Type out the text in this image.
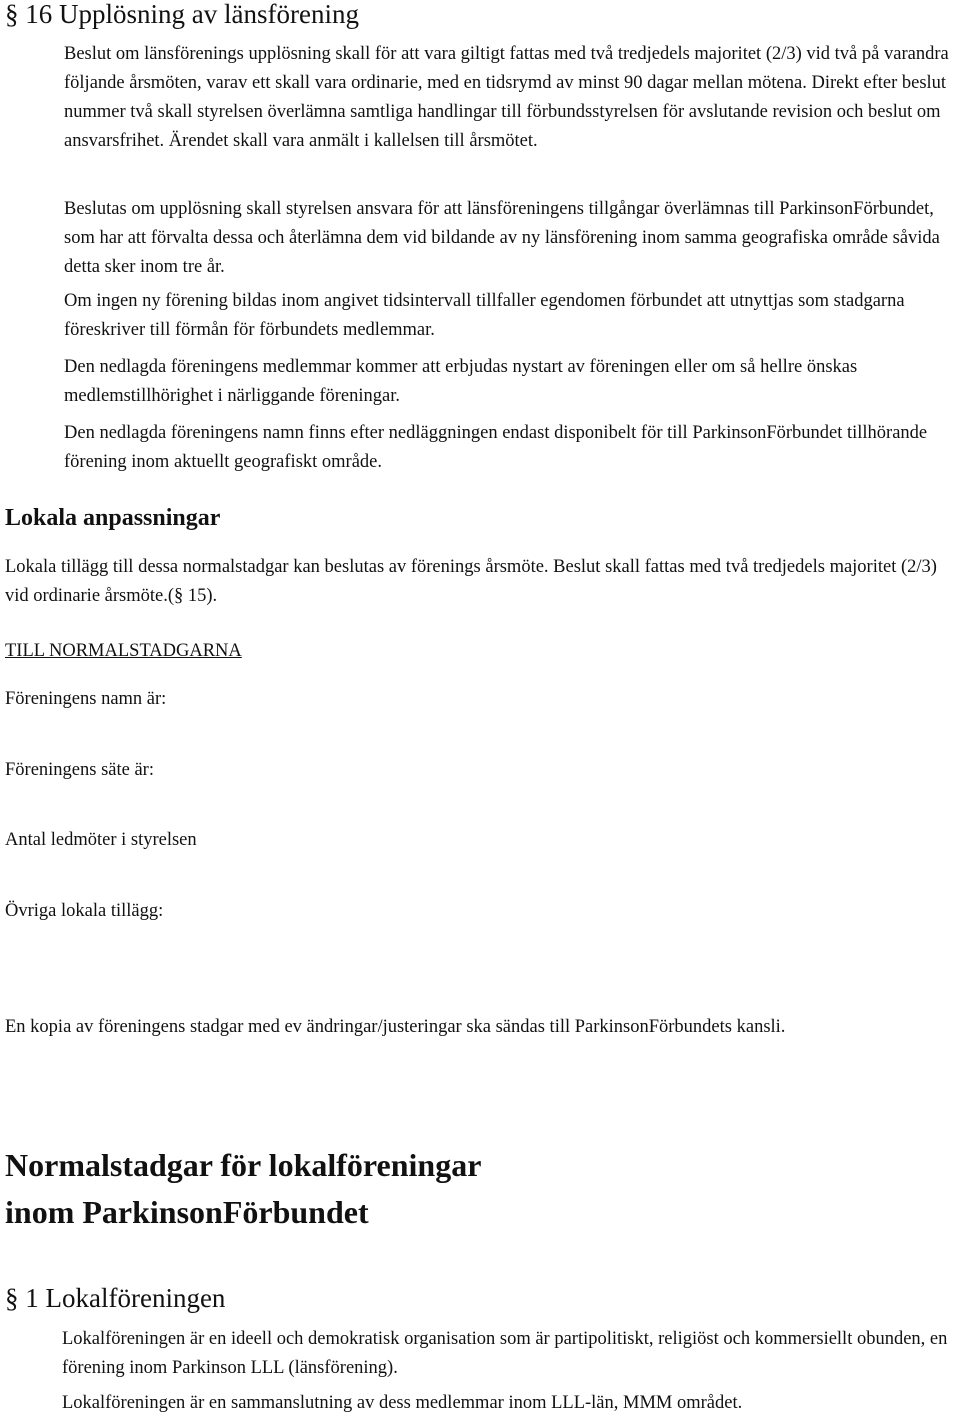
§ 16 Upplösning av länsförening

Beslut om länsförenings upplösning skall för att vara giltigt fattas med två tredjedels majoritet (2/3) vid två på varandra följande årsmöten, varav ett skall vara ordinarie, med en tidsrymd av minst 90 dagar mellan mötena. Direkt efter beslut nummer två skall styrelsen överlämna samtliga handlingar till förbundsstyrelsen för avslutande revision och beslut om ansvarsfrihet. Ärendet skall vara anmält i kallelsen till årsmötet.

Beslutas om upplösning skall styrelsen ansvara för att länsföreningens tillgångar överlämnas till ParkinsonFörbundet, som har att förvalta dessa och återlämna dem vid bildande av ny länsförening inom samma geografiska område såvida detta sker inom tre år.

Om ingen ny förening bildas inom angivet tidsintervall tillfaller egendomen förbundet att utnyttjas som stadgarna föreskriver till förmån för förbundets medlemmar.

Den nedlagda föreningens medlemmar kommer att erbjudas nystart av föreningen eller om så hellre önskas medlemstillhörighet i närliggande föreningar.

Den nedlagda föreningens namn finns efter nedläggningen endast disponibelt för till ParkinsonFörbundet tillhörande förening inom aktuellt geografiskt område.

Lokala anpassningar

Lokala tillägg till dessa normalstadgar kan beslutas av förenings årsmöte. Beslut skall fattas med två tredjedels majoritet (2/3) vid ordinarie årsmöte.(§ 15).

TILL NORMALSTADGARNA

Föreningens namn är:

Föreningens säte är:

Antal ledmöter i styrelsen

Övriga lokala tillägg:

En kopia av föreningens stadgar med ev ändringar/justeringar ska sändas till ParkinsonFörbundets kansli.

Normalstadgar för lokalföreningar
inom ParkinsonFörbundet
§ 1 Lokalföreningen

Lokalföreningen är en ideell och demokratisk organisation som är partipolitiskt, religiöst och kommersiellt obunden, en förening inom Parkinson LLL (länsförening).

Lokalföreningen är en sammanslutning av dess medlemmar inom LLL-län, MMM området.
